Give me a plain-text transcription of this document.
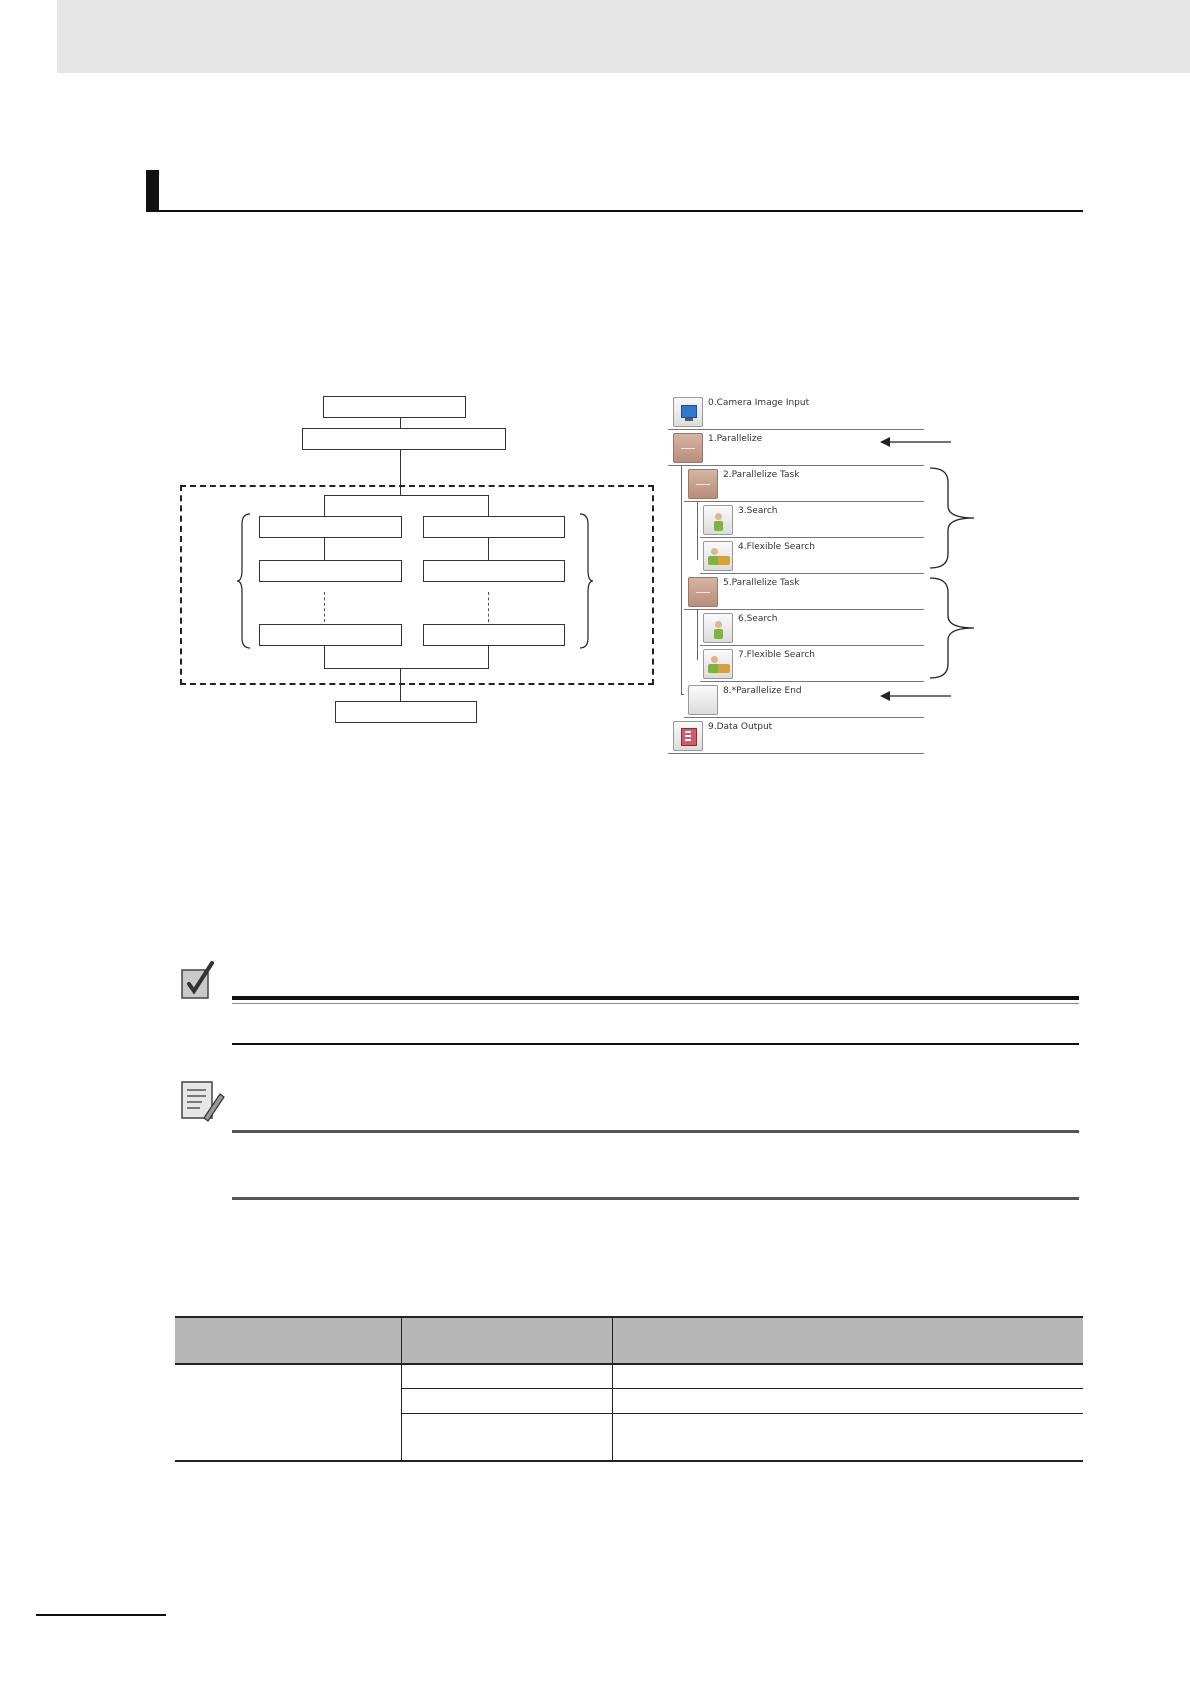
0.Camera Image Input
1.Parallelize
2.Parallelize Task
3.Search
4.Flexible Search
5.Parallelize Task
6.Search
7.Flexible Search
8.*Parallelize End
9.Data Output
